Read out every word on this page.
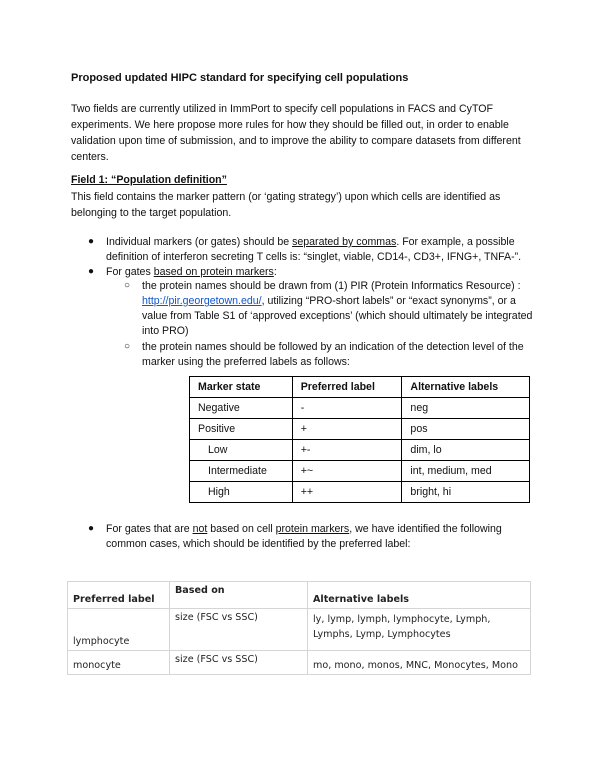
Proposed updated HIPC standard for specifying cell populations
Two fields are currently utilized in ImmPort to specify cell populations in FACS and CyTOF experiments. We here propose more rules for how they should be filled out, in order to enable validation upon time of submission, and to improve the ability to compare datasets from different centers.
Field 1: “Population definition”
This field contains the marker pattern (or ‘gating strategy’) upon which cells are identified as belonging to the target population.
● Individual markers (or gates) should be separated by commas. For example, a possible definition of interferon secreting T cells is: “singlet, viable, CD14-, CD3+, IFNG+, TNFA-”.
● For gates based on protein markers:
○ the protein names should be drawn from (1) PIR (Protein Informatics Resource) : http://pir.georgetown.edu/, utilizing “PRO-short labels” or “exact synonyms”, or a value from Table S1 of ‘approved exceptions’ (which should ultimately be integrated into PRO)
○ the protein names should be followed by an indication of the detection level of the marker using the preferred labels as follows:
Marker state	Preferred label	Alternative labels
Negative	-	neg
Positive	+	pos
Low	+-	dim, lo
Intermediate	+~	int, medium, med
High	++	bright, hi
● For gates that are not based on cell protein markers, we have identified the following common cases, which should be identified by the preferred label:
Preferred label	Based on	Alternative labels
lymphocyte	size (FSC vs SSC)	ly, lymp, lymph, lymphocyte, Lymph, Lymphs, Lymp, Lymphocytes
monocyte	size (FSC vs SSC)	mo, mono, monos, MNC, Monocytes, Mono
